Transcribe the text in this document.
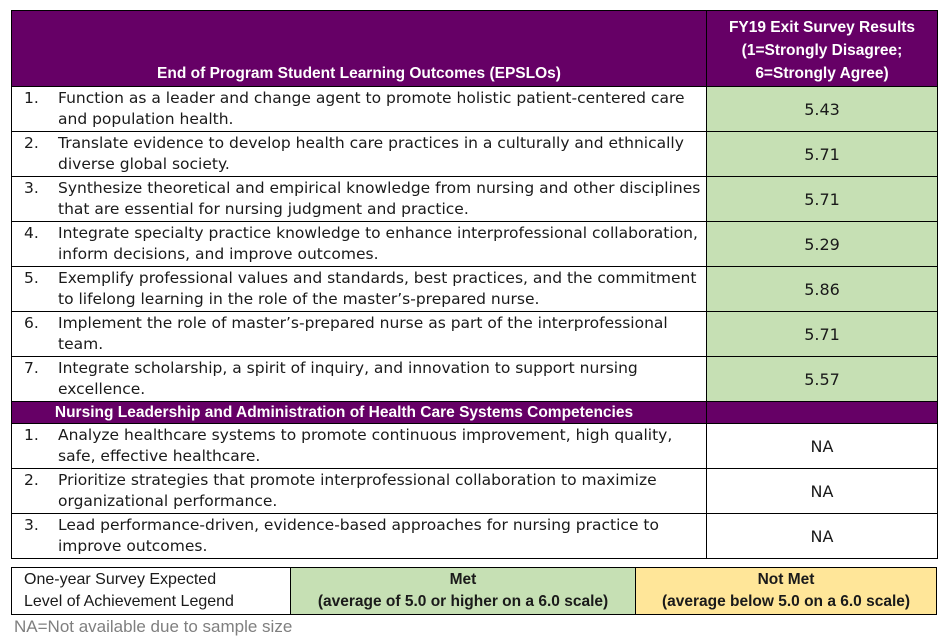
End of Program Student Learning Outcomes (EPSLOs)	FY19 Exit Survey Results
(1=Strongly Disagree;
6=Strongly Agree)

1. Function as a leader and change agent to promote holistic patient-centered care and population health.	5.43

2. Translate evidence to develop health care practices in a culturally and ethnically diverse global society.	5.71

3. Synthesize theoretical and empirical knowledge from nursing and other disciplines that are essential for nursing judgment and practice.	5.71

4. Integrate specialty practice knowledge to enhance interprofessional collaboration, inform decisions, and improve outcomes.	5.29

5. Exemplify professional values and standards, best practices, and the commitment to lifelong learning in the role of the master’s-prepared nurse.	5.86

6. Implement the role of master’s-prepared nurse as part of the interprofessional team.	5.71

7. Integrate scholarship, a spirit of inquiry, and innovation to support nursing excellence.	5.57
Nursing Leadership and Administration of Health Care Systems Competencies	

1. Analyze healthcare systems to promote continuous improvement, high quality, safe, effective healthcare.	NA

2. Prioritize strategies that promote interprofessional collaboration to maximize organizational performance.	NA

3. Lead performance-driven, evidence-based approaches for nursing practice to improve outcomes.	NA
One-year Survey Expected
Level of Achievement Legend

Met
(average of 5.0 or higher on a 6.0 scale)

Not Met
(average below 5.0 on a 6.0 scale)
NA=Not available due to sample size
